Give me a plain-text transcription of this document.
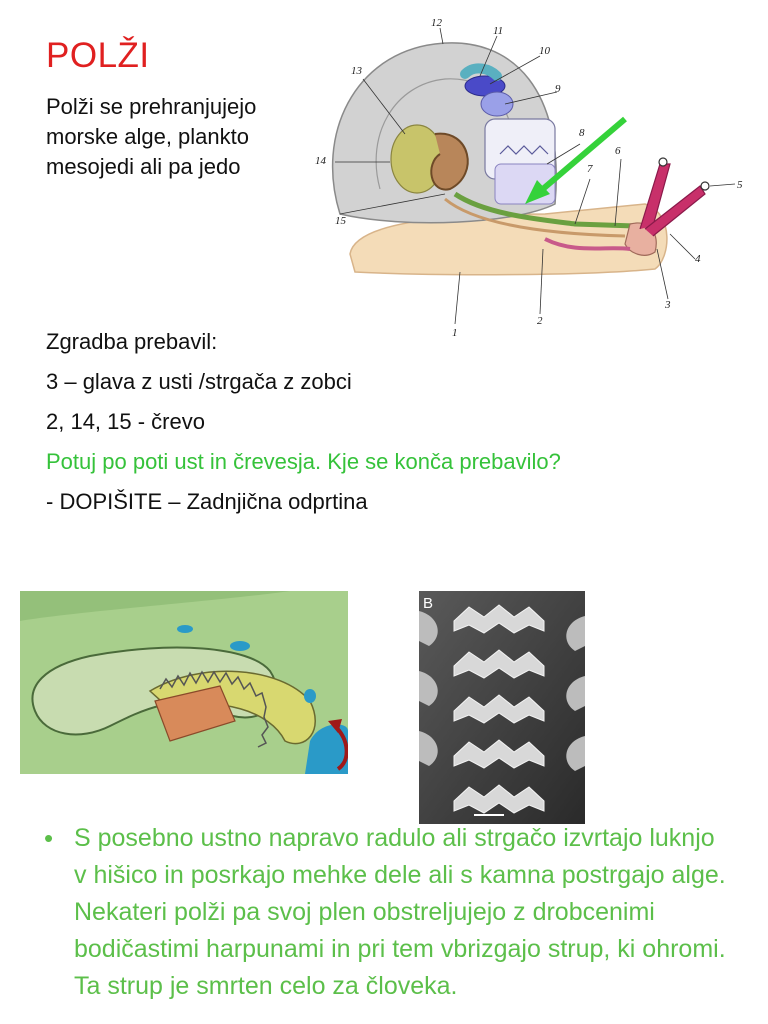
POLŽI
Polži se prehranjujejo
morske alge, plankto
mesojedi ali pa jedo
1
2
3
4
5
6
7
8
9
10
11
12
13
14
15
Zgradba prebavil:
3 – glava z usti /strgača z zobci
2, 14, 15 - črevo
Potuj po poti ust in črevesja. Kje se konča prebavilo?
- DOPIŠITE – Zadnjična odprtina
B
• S posebno ustno napravo radulo ali strgačo izvrtajo luknjo v hišico in posrkajo mehke dele ali s kamna postrgajo alge. Nekateri polži pa svoj plen obstreljujejo z drobcenimi bodičastimi harpunami in pri tem vbrizgajo strup, ki ohromi. Ta strup je smrten celo za človeka.
